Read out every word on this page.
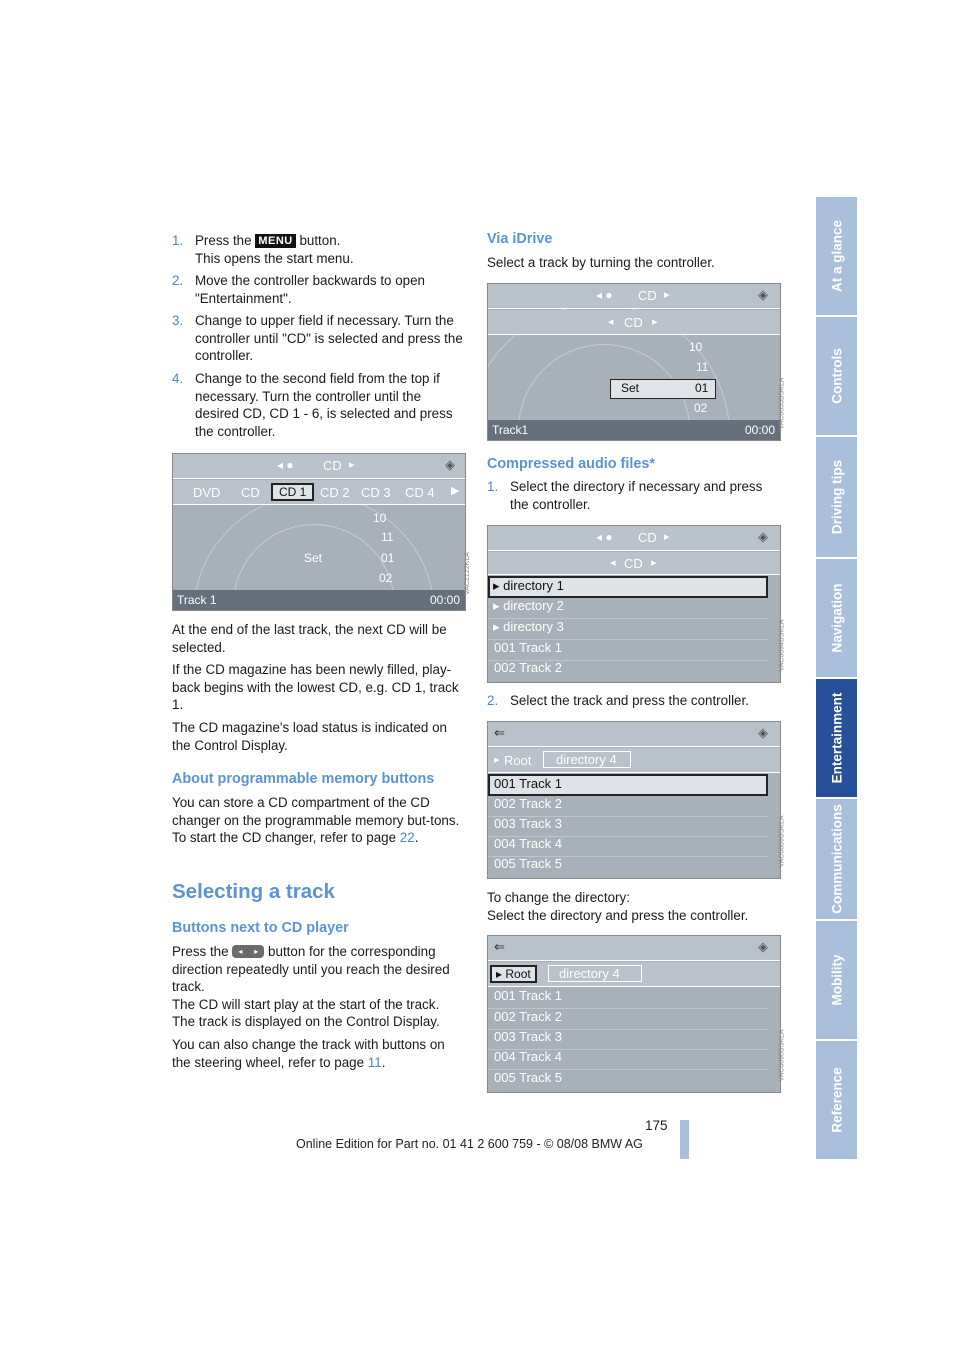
At a glance
Controls
Driving tips
Navigation
Entertainment
Communications
Mobility
Reference
1. Press the MENU button.
This opens the start menu.
2. Move the controller backwards to open "Entertainment".
3. Change to upper field if necessary. Turn the controller until "CD" is selected and press the controller.
4. Change to the second field from the top if necessary. Turn the controller until the desired CD, CD 1 - 6, is selected and press the controller.
◂ ● CD ▸	◈
DVD CD	CD 1	CD 2 CD 3 CD 4 ▶
10
11
Set	01
02
Track 1	00:00
VAC2122KLA

At the end of the last track, the next CD will be selected.

If the CD magazine has been newly filled, play-back begins with the lowest CD, e.g. CD 1, track 1.

The CD magazine's load status is indicated on the Control Display.

About programmable memory buttons
You can store a CD compartment of the CD changer on the programmable memory but-tons. To start the CD changer, refer to page 22.
Selecting a track
Buttons next to CD player
Press the ◂ ▸ button for the corresponding direction repeatedly until you reach the desired track.
The CD will start play at the start of the track.
The track is displayed on the Control Display.

You can also change the track with buttons on the steering wheel, refer to page 11.

Via iDrive
Select a track by turning the controller.
◂ ● CD ▸	◈
◂ CD ▸
10
11
Set	01
02
Track1	00:00
VAC6633BSKLA
Compressed audio files*
1. Select the directory if necessary and press the controller.
◂ ● CD ▸	◈
◂ CD ▸
▸ directory 1
▸ directory 2
▸ directory 3
001 Track 1
002 Track 2	VAC6894BSKLA
2. Select the track and press the controller.
⇐	◈
▸ Root	directory 4
001 Track 1
002 Track 2
003 Track 3
004 Track 4
005 Track 5	VAC6889BSKLA
To change the directory:
Select the directory and press the controller.
⇐	◈
▸ Root	directory 4
001 Track 1
002 Track 2
003 Track 3
004 Track 4
005 Track 5	VAC6890BSKLA
175
Online Edition for Part no. 01 41 2 600 759 - © 08/08 BMW AG
